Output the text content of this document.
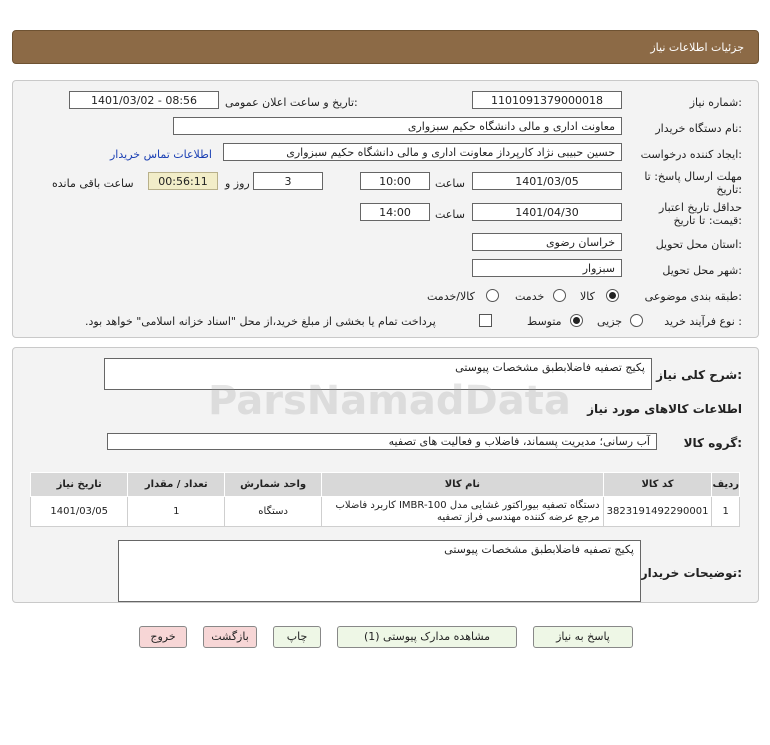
جزئیات اطلاعات نیاز
شماره نیاز:
1101091379000018
تاریخ و ساعت اعلان عمومی:
1401/03/02 - 08:56
نام دستگاه خریدار:
معاونت اداری و مالی دانشگاه حکیم سبزواری
ایجاد کننده درخواست:
حسین حبیبی نژاد کارپرداز معاونت اداری و مالی دانشگاه حکیم سبزواری
اطلاعات تماس خریدار
مهلت ارسال پاسخ: تا
تاریخ:
1401/03/05
ساعت
10:00
3
روز و
00:56:11
ساعت باقی مانده
حداقل تاریخ اعتبار
قیمت: تا تاریخ:
1401/04/30
ساعت
14:00
استان محل تحویل:
خراسان رضوی
شهر محل تحویل:
سبزوار
طبقه بندی موضوعی:
کالا
خدمت
کالا/خدمت
نوع فرآیند خرید :
جزیی
متوسط
پرداخت تمام یا بخشی از مبلغ خرید،از محل "اسناد خزانه اسلامی" خواهد بود.
شرح کلی نیاز:
پکیج تصفیه فاضلابطبق مشخصات پیوستی
اطلاعات کالاهای مورد نیاز
گروه کالا:
آب رسانی؛ مدیریت پسماند، فاضلاب و فعالیت های تصفیه
ردیف	کد کالا	نام کالا	واحد شمارش	تعداد / مقدار	تاریخ نیاز
1	3823191492290001	دستگاه تصفیه بیوراکتور غشایی مدل IMBR-100 کاربرد فاضلاب مرجع عرضه کننده مهندسی فراز تصفیه	دستگاه	1	1401/03/05
توضیحات خریدار:
پکیج تصفیه فاضلابطبق مشخصات پیوستی
ParsNamadData
پاسخ به نیاز
مشاهده مدارک پیوستی (1)
چاپ
بازگشت
خروج
